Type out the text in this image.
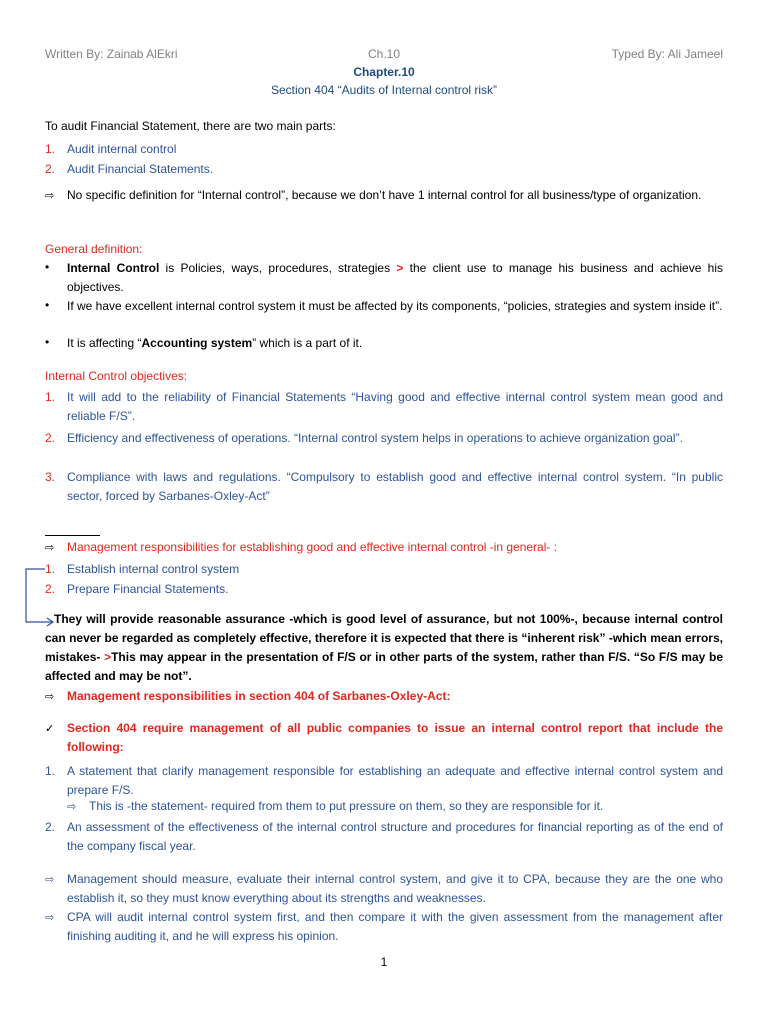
Written By: Zainab AlEkri	Ch.10	Typed By: Ali Jameel
Chapter.10
Section 404 “Audits of Internal control risk”
To audit Financial Statement, there are two main parts:
1. Audit internal control
2. Audit Financial Statements.
⇨ No specific definition for “Internal control”, because we don’t have 1 internal control for all business/type of organization.
General definition:
• Internal Control is Policies, ways, procedures, strategies > the client use to manage his business and achieve his objectives.
• If we have excellent internal control system it must be affected by its components, “policies, strategies and system inside it”.
• It is affecting “Accounting system” which is a part of it.
Internal Control objectives:
1. It will add to the reliability of Financial Statements “Having good and effective internal control system mean good and reliable F/S”.
2. Efficiency and effectiveness of operations. “Internal control system helps in operations to achieve organization goal”.
3. Compliance with laws and regulations. “Compulsory to establish good and effective internal control system. “In public sector, forced by Sarbanes-Oxley-Act”
⇨ Management responsibilities for establishing good and effective internal control -in general- :
1. Establish internal control system
2. Prepare Financial Statements.
They will provide reasonable assurance -which is good level of assurance, but not 100%-, because internal control can never be regarded as completely effective, therefore it is expected that there is “inherent risk” -which mean errors, mistakes- >This may appear in the presentation of F/S or in other parts of the system, rather than F/S. “So F/S may be affected and may be not”.
⇨ Management responsibilities in section 404 of Sarbanes-Oxley-Act:
✓ Section 404 require management of all public companies to issue an internal control report that include the following:
1. A statement that clarify management responsible for establishing an adequate and effective internal control system and prepare F/S.
⇨ This is -the statement- required from them to put pressure on them, so they are responsible for it.
2. An assessment of the effectiveness of the internal control structure and procedures for financial reporting as of the end of the company fiscal year.
⇨ Management should measure, evaluate their internal control system, and give it to CPA, because they are the one who establish it, so they must know everything about its strengths and weaknesses.
⇨ CPA will audit internal control system first, and then compare it with the given assessment from the management after finishing auditing it, and he will express his opinion.
1
